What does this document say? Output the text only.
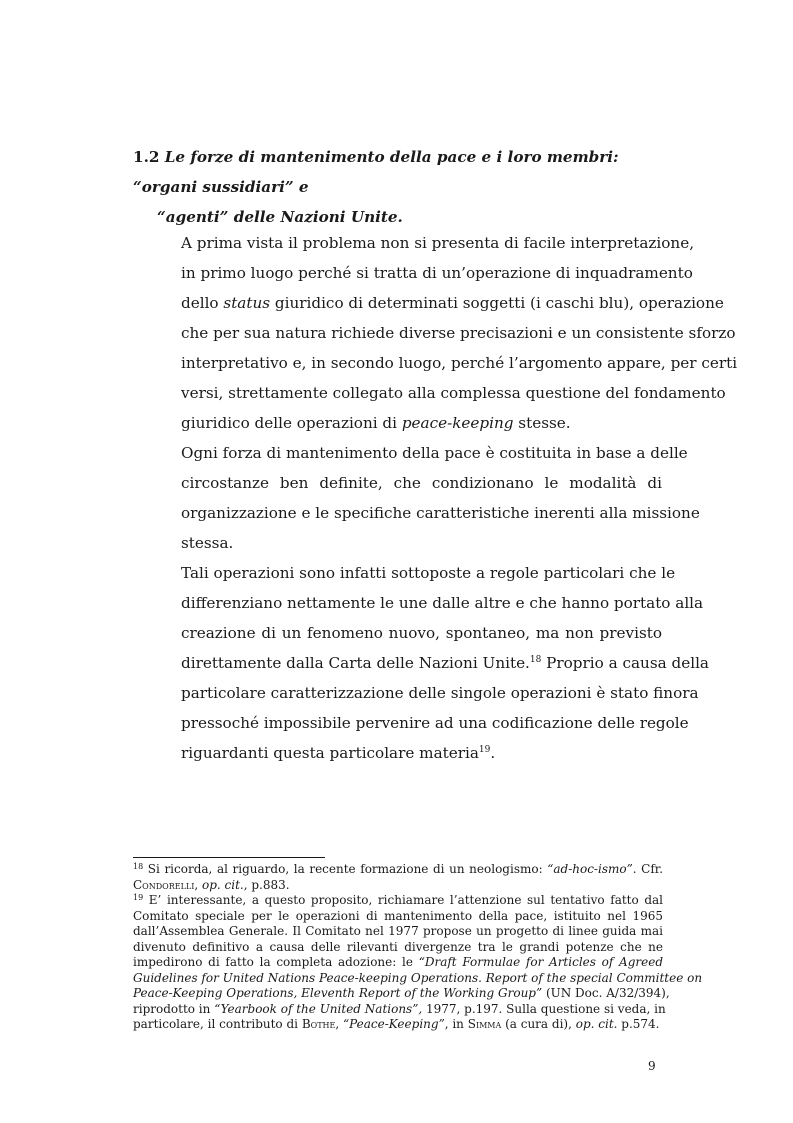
1.2 Le forze di mantenimento della pace e i loro membri: “organi sussidiari” e
“agenti” delle Nazioni Unite.

A prima vista il problema non si presenta di facile interpretazione,
in primo luogo perché si tratta di un’operazione di inquadramento
dello status giuridico di determinati soggetti (i caschi blu), operazione
che per sua natura richiede diverse precisazioni e un consistente sforzo
interpretativo e, in secondo luogo, perché l’argomento appare, per certi
versi, strettamente collegato alla complessa questione del fondamento
giuridico delle operazioni di peace-keeping stesse.

Ogni forza di mantenimento della pace è costituita in base a delle
circostanze ben definite, che condizionano le modalità di
organizzazione e le specifiche caratteristiche inerenti alla missione
stessa.

Tali operazioni sono infatti sottoposte a regole particolari che le
differenziano nettamente le une dalle altre e che hanno portato alla
creazione di un fenomeno nuovo, spontaneo, ma non previsto
direttamente dalla Carta delle Nazioni Unite.$^{18}$ Proprio a causa della
particolare caratterizzazione delle singole operazioni è stato finora
pressoché impossibile pervenire ad una codificazione delle regole
riguardanti questa particolare materia$^{19}$.

$^{18}$ Si ricorda, al riguardo, la recente formazione di un neologismo: “ad-hoc-ismo”. Cfr.
Condorelli, op. cit., p.883.

$^{19}$ E’ interessante, a questo proposito, richiamare l’attenzione sul tentativo fatto dal
Comitato speciale per le operazioni di mantenimento della pace, istituito nel 1965
dall’Assemblea Generale. Il Comitato nel 1977 propose un progetto di linee guida mai
divenuto definitivo a causa delle rilevanti divergenze tra le grandi potenze che ne
impedirono di fatto la completa adozione: le “Draft Formulae for Articles of Agreed
Guidelines for United Nations Peace-keeping Operations. Report of the special Committee on
Peace-Keeping Operations, Eleventh Report of the Working Group” (UN Doc. A/32/394),
riprodotto in “Yearbook of the United Nations”, 1977, p.197. Sulla questione si veda, in
particolare, il contributo di Bothe, “Peace-Keeping”, in Simma (a cura di), op. cit. p.574.

9
